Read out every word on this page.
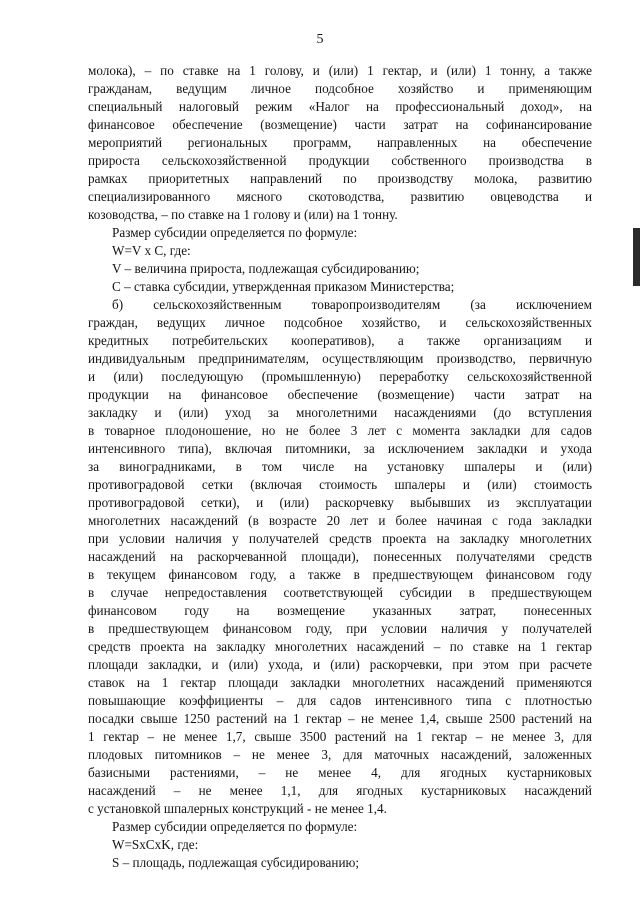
5
молока), – по ставке на 1 голову, и (или) 1 гектар, и (или) 1 тонну, а также
гражданам, ведущим личное подсобное хозяйство и применяющим
специальный налоговый режим «Налог на профессиональный доход», на
финансовое обеспечение (возмещение) части затрат на софинансирование
мероприятий региональных программ, направленных на обеспечение
прироста сельскохозяйственной продукции собственного производства в
рамках приоритетных направлений по производству молока, развитию
специализированного мясного скотоводства, развитию овцеводства и
козоводства, – по ставке на 1 голову и (или) на 1 тонну.
Размер субсидии определяется по формуле:
W=V x C, где:
V – величина прироста, подлежащая субсидированию;
C – ставка субсидии, утвержденная приказом Министерства;
б) сельскохозяйственным товаропроизводителям (за исключением
граждан, ведущих личное подсобное хозяйство, и сельскохозяйственных
кредитных потребительских кооперативов), а также организациям и
индивидуальным предпринимателям, осуществляющим производство, первичную
и (или) последующую (промышленную) переработку сельскохозяйственной
продукции на финансовое обеспечение (возмещение) части затрат на
закладку и (или) уход за многолетними насаждениями (до вступления
в товарное плодоношение, но не более 3 лет с момента закладки для садов
интенсивного типа), включая питомники, за исключением закладки и ухода
за виноградниками, в том числе на установку шпалеры и (или)
противоградовой сетки (включая стоимость шпалеры и (или) стоимость
противоградовой сетки), и (или) раскорчевку выбывших из эксплуатации
многолетних насаждений (в возрасте 20 лет и более начиная с года закладки
при условии наличия у получателей средств проекта на закладку многолетних
насаждений на раскорчеванной площади), понесенных получателями средств
в текущем финансовом году, а также в предшествующем финансовом году
в случае непредоставления соответствующей субсидии в предшествующем
финансовом году на возмещение указанных затрат, понесенных
в предшествующем финансовом году, при условии наличия у получателей
средств проекта на закладку многолетних насаждений – по ставке на 1 гектар
площади закладки, и (или) ухода, и (или) раскорчевки, при этом при расчете
ставок на 1 гектар площади закладки многолетних насаждений применяются
повышающие коэффициенты – для садов интенсивного типа с плотностью
посадки свыше 1250 растений на 1 гектар – не менее 1,4, свыше 2500 растений на
1 гектар – не менее 1,7, свыше 3500 растений на 1 гектар – не менее 3, для
плодовых питомников – не менее 3, для маточных насаждений, заложенных
базисными растениями, – не менее 4, для ягодных кустарниковых
насаждений – не менее 1,1, для ягодных кустарниковых насаждений
с установкой шпалерных конструкций - не менее 1,4.
Размер субсидии определяется по формуле:
W=SxCxK, где:
S – площадь, подлежащая субсидированию;
